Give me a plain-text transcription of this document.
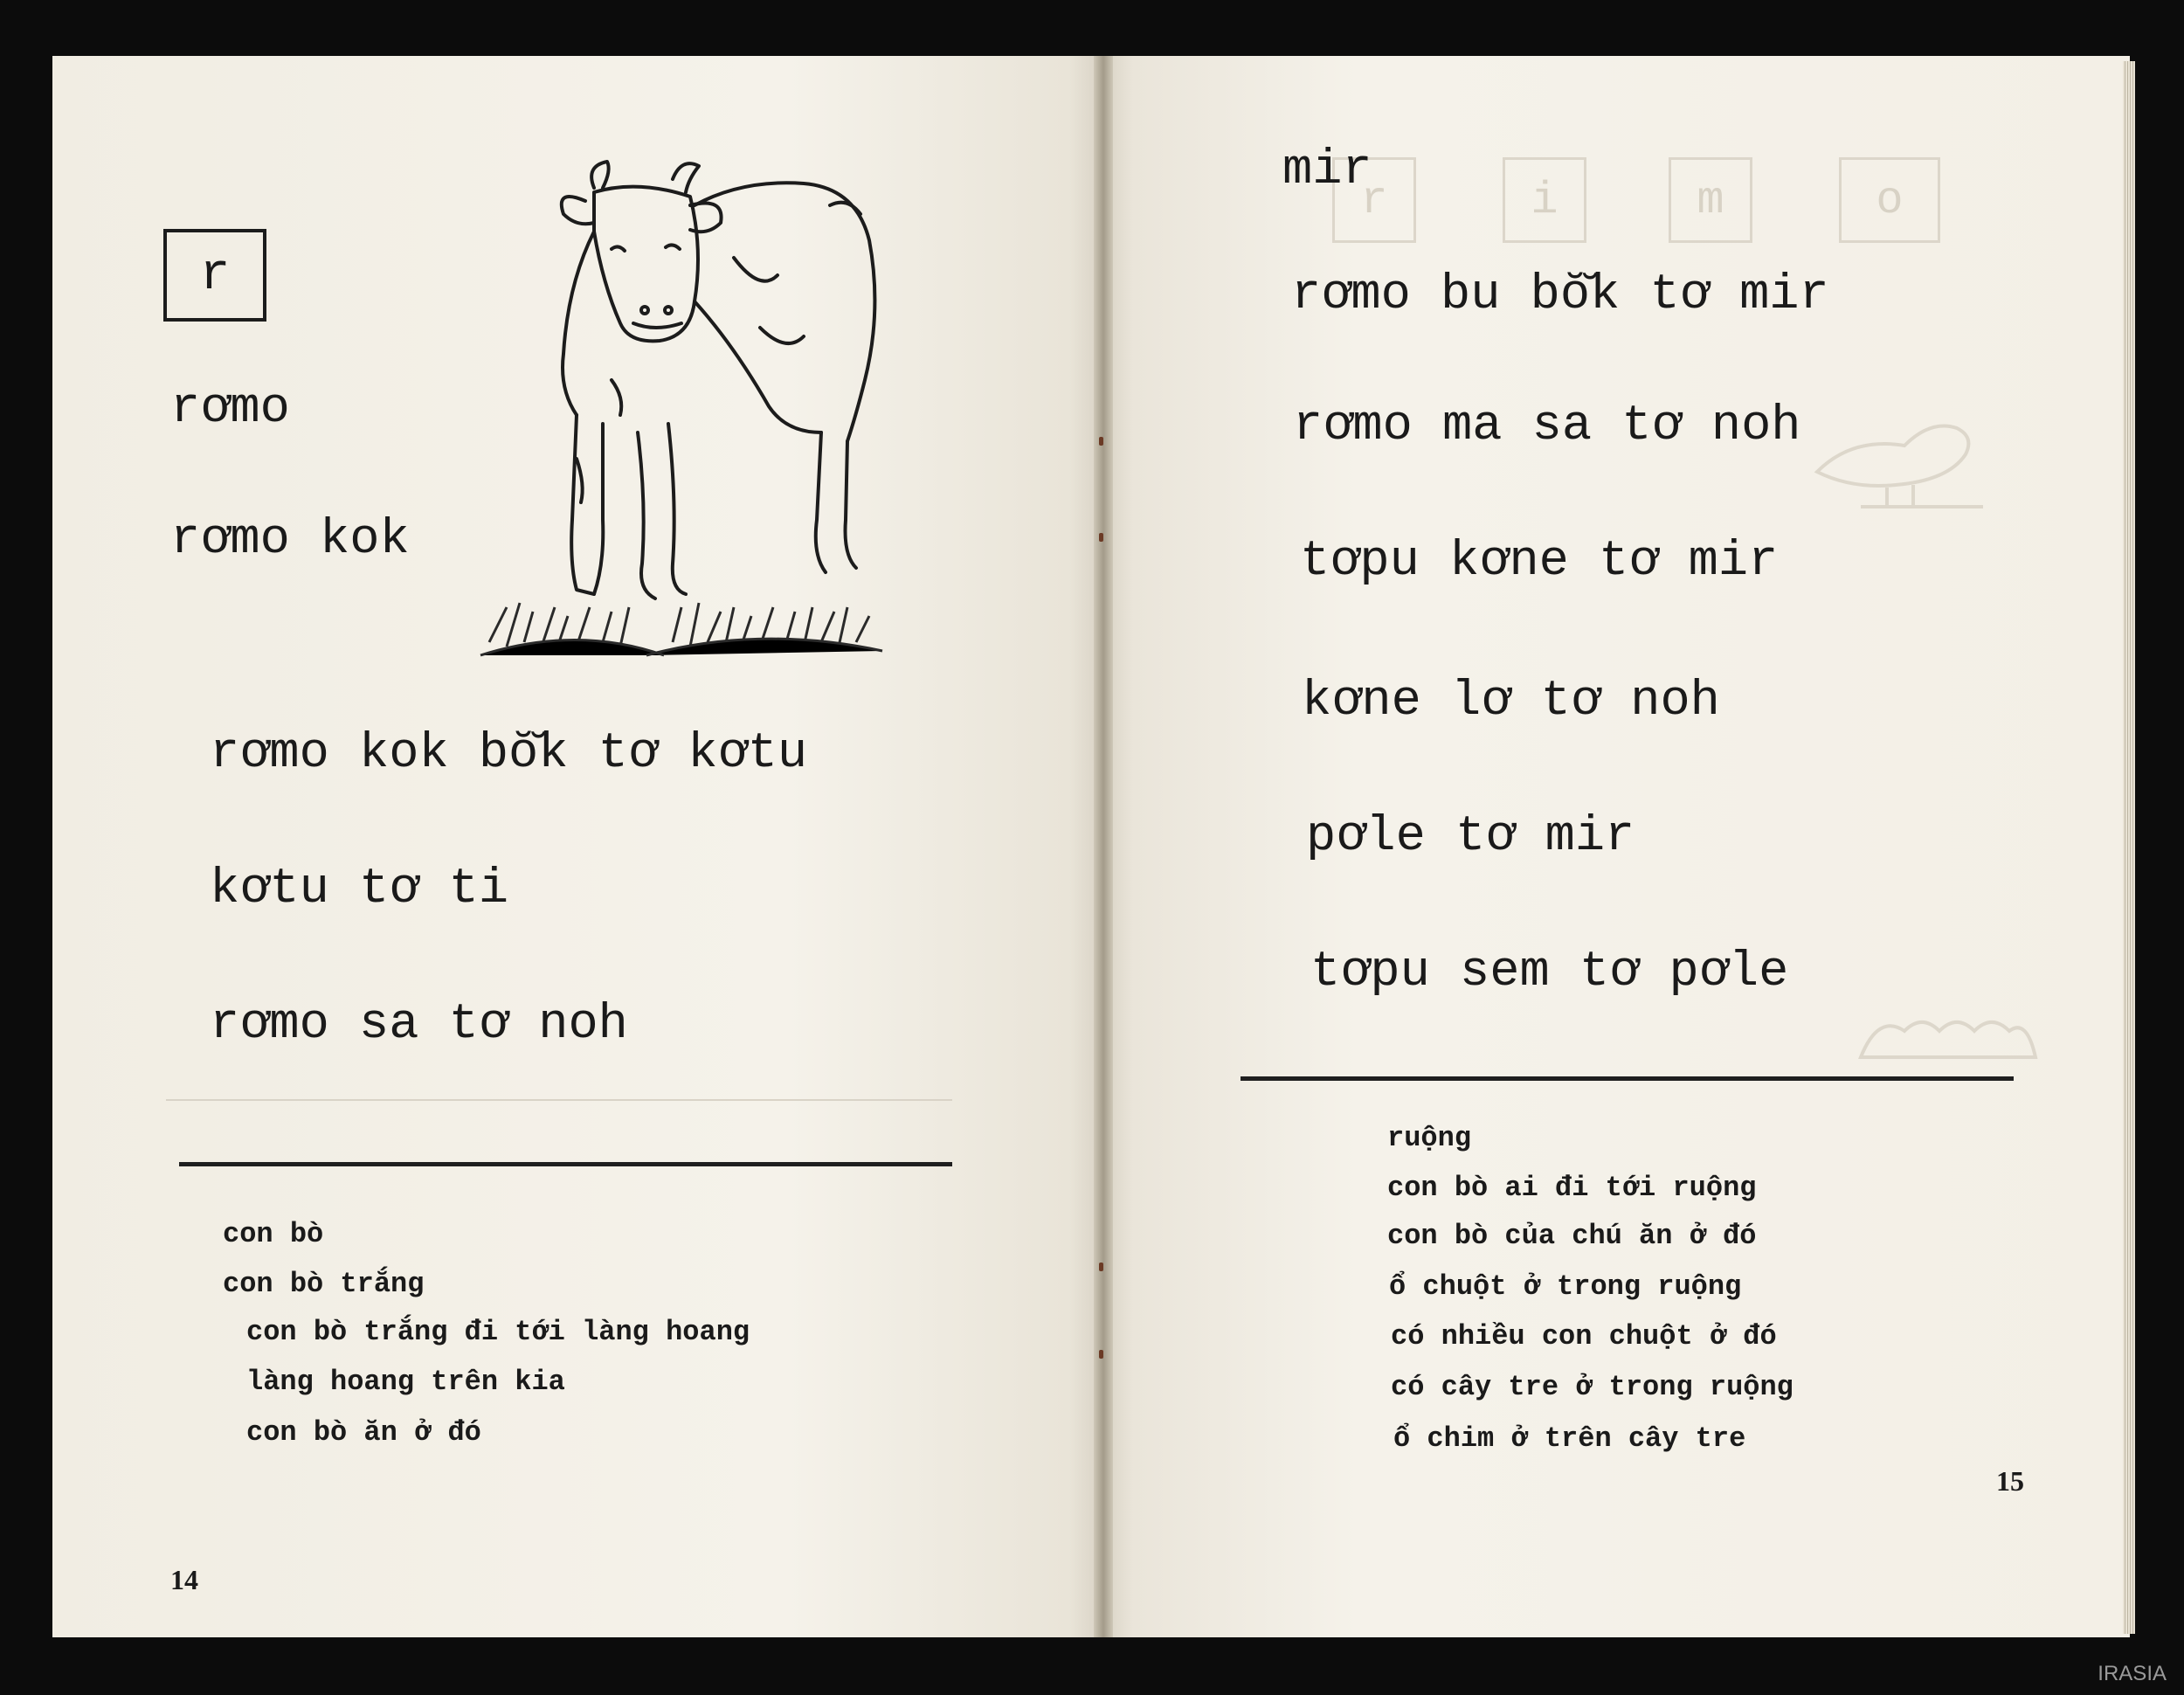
r	i	m	o
r
rơmo
rơmo kok
rơmo kok bŏ̆k tơ kơtu
kơtu tơ ti
rơmo sa tơ noh
con bò
con bò trắng
con bò trắng đi tới làng hoang
làng hoang trên kia
con bò ăn ở đó
14
mir
rơmo bu bŏ̆k tơ mir
rơmo ma sa tơ noh
tơpu kơne tơ mir
kơne lơ tơ noh
pơle tơ mir
tơpu sem tơ pơle
ruộng
con bò ai đi tới ruộng
con bò của chú ăn ở đó
ổ chuột ở trong ruộng
có nhiều con chuột ở đó
có cây tre ở trong ruộng
ổ chim ở trên cây tre
15
IRASIA
